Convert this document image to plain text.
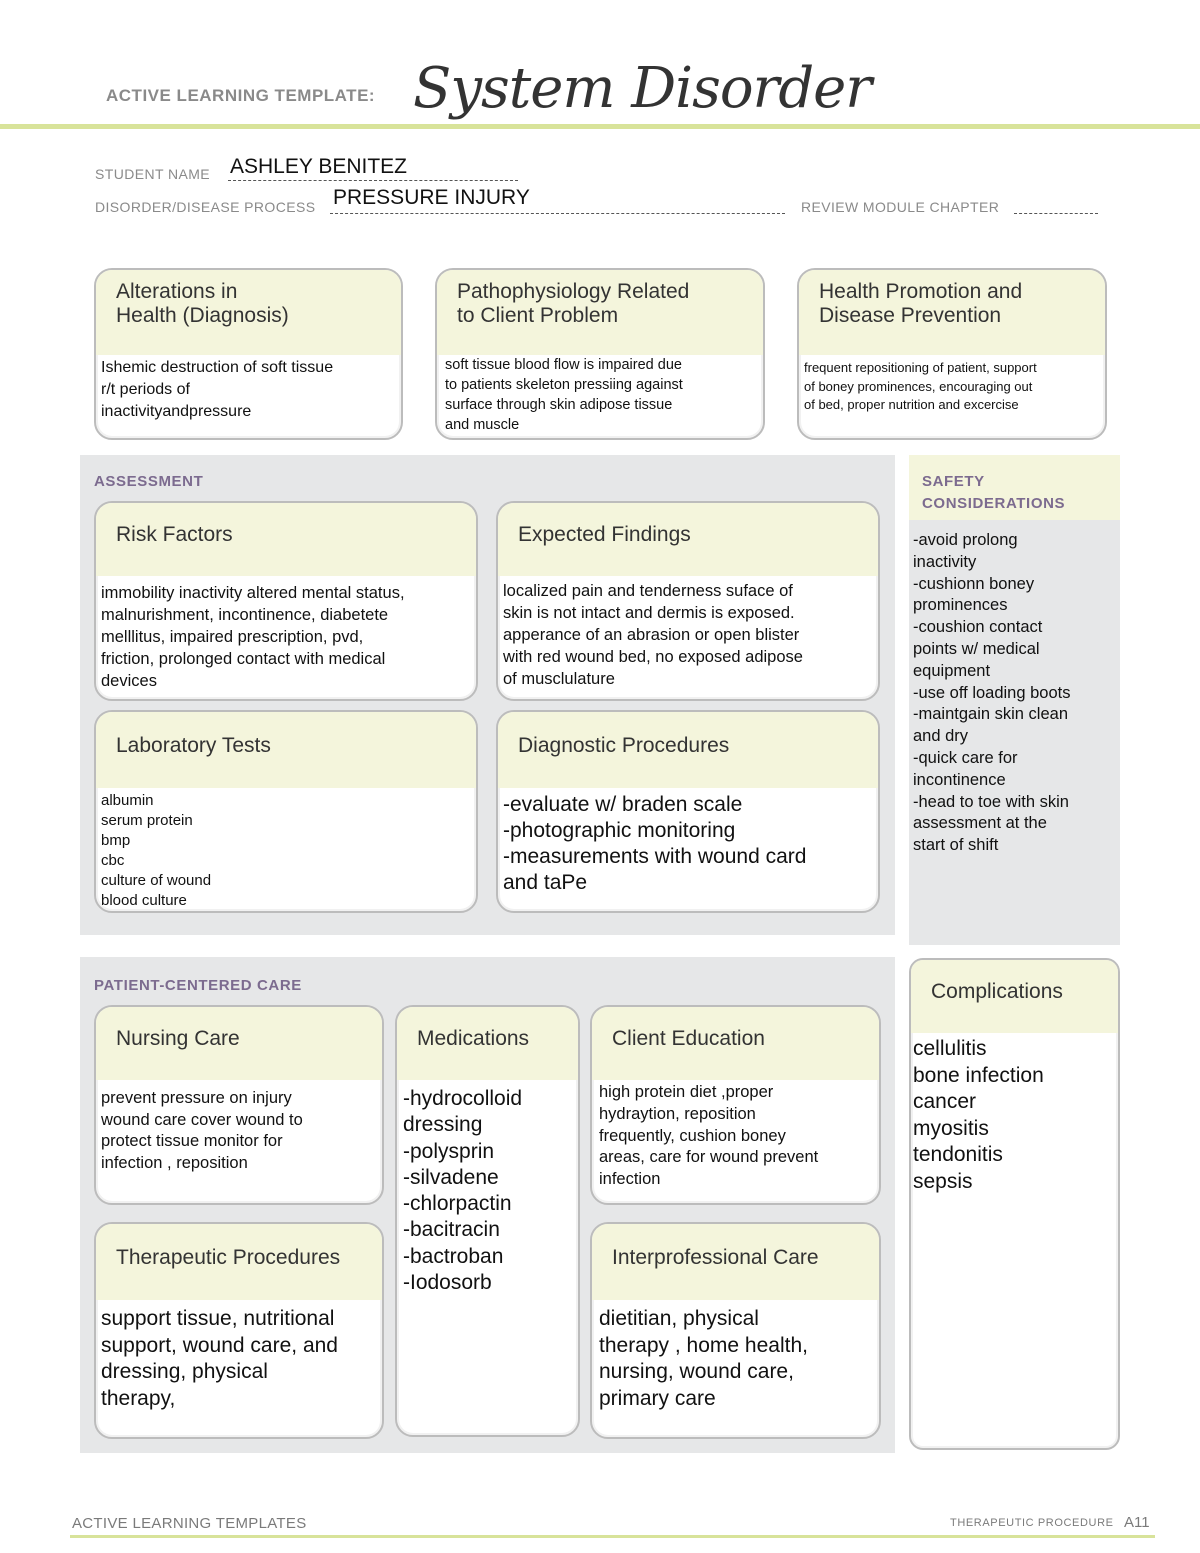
ACTIVE LEARNING TEMPLATE: System Disorder
STUDENT NAME ASHLEY BENITEZ
DISORDER/DISEASE PROCESS PRESSURE INJURY	REVIEW MODULE CHAPTER
Alterations in
Health (Diagnosis)
Ishemic destruction of soft tissue
r/t periods of
inactivityandpressure
Pathophysiology Related
to Client Problem
soft tissue blood flow is impaired due
to patients skeleton pressiing against
surface through skin adipose tissue
and muscle
Health Promotion and
Disease Prevention
frequent repositioning of patient, support
of boney prominences, encouraging out
of bed, proper nutrition and excercise
ASSESSMENT
Risk Factors
immobility inactivity altered mental status,
malnurishment, incontinence, diabetete
melllitus, impaired prescription, pvd,
friction, prolonged contact with medical
devices
Expected Findings
localized pain and tenderness suface of
skin is not intact and dermis is exposed.
apperance of an abrasion or open blister
with red wound bed, no exposed adipose
of musclulature
Laboratory Tests
albumin
serum protein
bmp
cbc
culture of wound
blood culture
Diagnostic Procedures
-evaluate w/ braden scale
-photographic monitoring
-measurements with wound card
and taPe
SAFETY
CONSIDERATIONS
-avoid prolong
inactivity
-cushionn boney
prominences
-coushion contact
points w/ medical
equipment
-use off loading boots
-maintgain skin clean
and dry
-quick care for
incontinence
-head to toe with skin
assessment at the
start of shift
PATIENT-CENTERED CARE
Nursing Care
prevent pressure on injury
wound care cover wound to
protect tissue monitor for
infection , reposition
Medications
-hydrocolloid
dressing
-polysprin
-silvadene
-chlorpactin
-bacitracin
-bactroban
-Iodosorb
Client Education
high protein diet ,proper
hydraytion, reposition
frequently, cushion boney
areas, care for wound prevent
infection
Therapeutic Procedures
support tissue, nutritional
support, wound care, and
dressing, physical
therapy,
Interprofessional Care
dietitian, physical
therapy , home health,
nursing, wound care,
primary care
Complications
cellulitis
bone infection
cancer
myositis
tendonitis
sepsis
ACTIVE LEARNING TEMPLATES	THERAPEUTIC PROCEDURE A11
